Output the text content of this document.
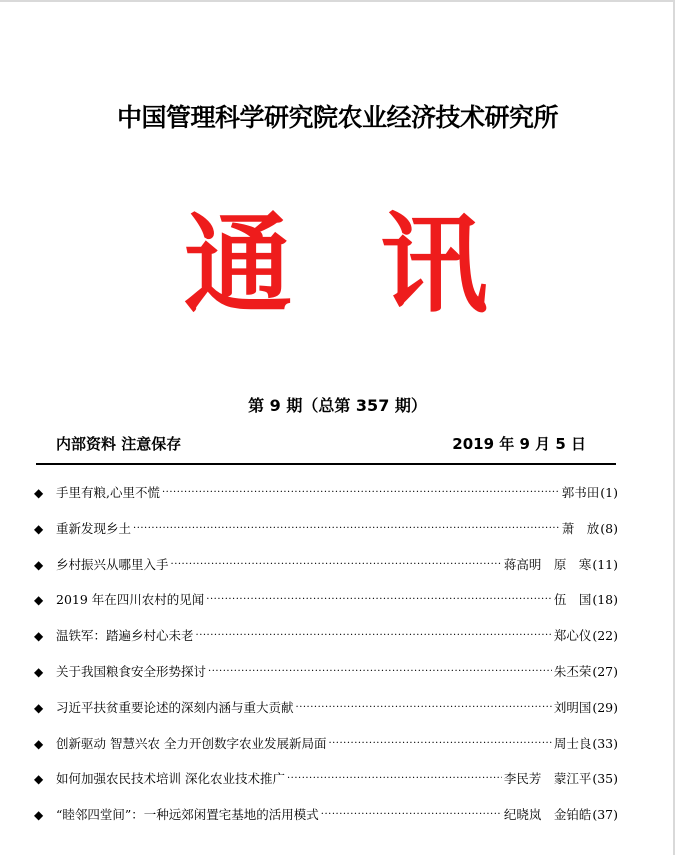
中国管理科学研究院农业经济技术研究所
通 讯
第 9 期（总第 357 期）
内部资料 注意保存	2019 年 9 月 5 日
◆	手里有粮,心里不慌 ·····	郭书田 (1)
◆	重新发现乡土 ·····	萧　放 (8)
◆	乡村振兴从哪里入手 ·····	蒋高明　原　寒 (11)
◆	2019 年在四川农村的见闻 ·····	伍　国 (18)
◆	温铁军：踏遍乡村心未老 ·····	郑心仪 (22)
◆	关于我国粮食安全形势探讨 ·····	朱丕荣 (27)
◆	习近平扶贫重要论述的深刻内涵与重大贡献 ·····	刘明国 (29)
◆	创新驱动 智慧兴农 全力开创数字农业发展新局面 ·····	周士良 (33)
◆	如何加强农民技术培训 深化农业技术推广 ·····	李民芳　蒙江平 (35)
◆	“睦邻四堂间”：一种远郊闲置宅基地的活用模式 ·····	纪晓岚　金铂皓 (37)
